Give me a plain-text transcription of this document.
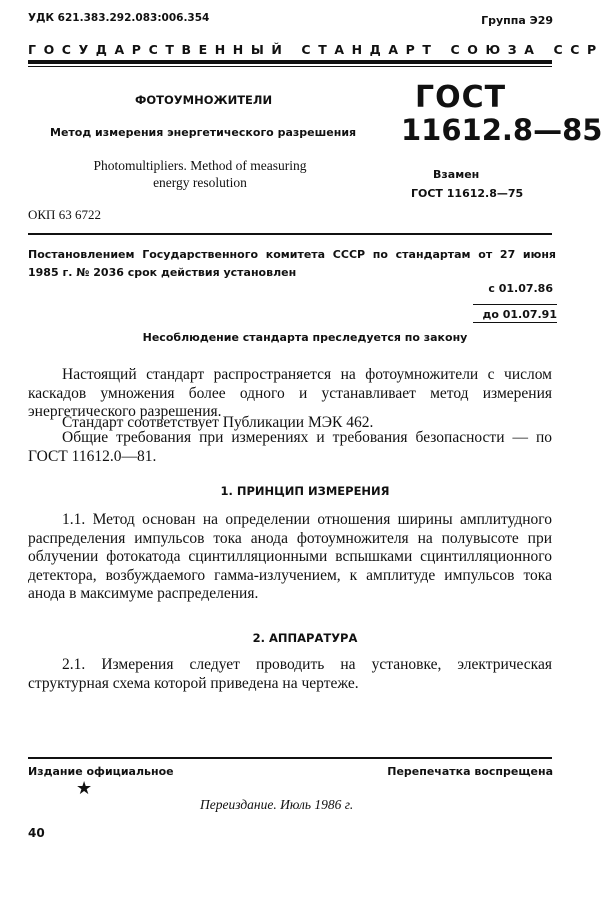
УДК 621.383.292.083:006.354	Группа Э29
ГОСУДАРСТВЕННЫЙ СТАНДАРТ СОЮЗА ССР
ФОТОУМНОЖИТЕЛИ
Метод измерения энергетического разрешения
Photomultipliers. Method of measuring
energy resolution
ГОСТ
11612.8—85
Взамен
ГОСТ 11612.8—75
ОКП 63 6722
Постановлением Государственного комитета СССР по стандартам от 27 июня 1985 г. № 2036 срок действия установлен
с 01.07.86
до 01.07.91
Несоблюдение стандарта преследуется по закону

Настоящий стандарт распространяется на фотоумножители с числом каскадов умножения более одного и устанавливает метод измерения энергетического разрешения.

Стандарт соответствует Публикации МЭК 462.

Общие требования при измерениях и требования безопасности — по ГОСТ 11612.0—81.

1. ПРИНЦИП ИЗМЕРЕНИЯ

1.1. Метод основан на определении отношения ширины амплитудного распределения импульсов тока анода фотоумножителя на полувысоте при облучении фотокатода сцинтилляционными вспышками сцинтилляционного детектора, возбуждаемого гамма-излучением, к амплитуде импульсов тока анода в максимуме распределения.

2. АППАРАТУРА

2.1. Измерения следует проводить на установке, электрическая структурная схема которой приведена на чертеже.

Издание официальное
★
Перепечатка воспрещена
Переиздание. Июль 1986 г.
40
